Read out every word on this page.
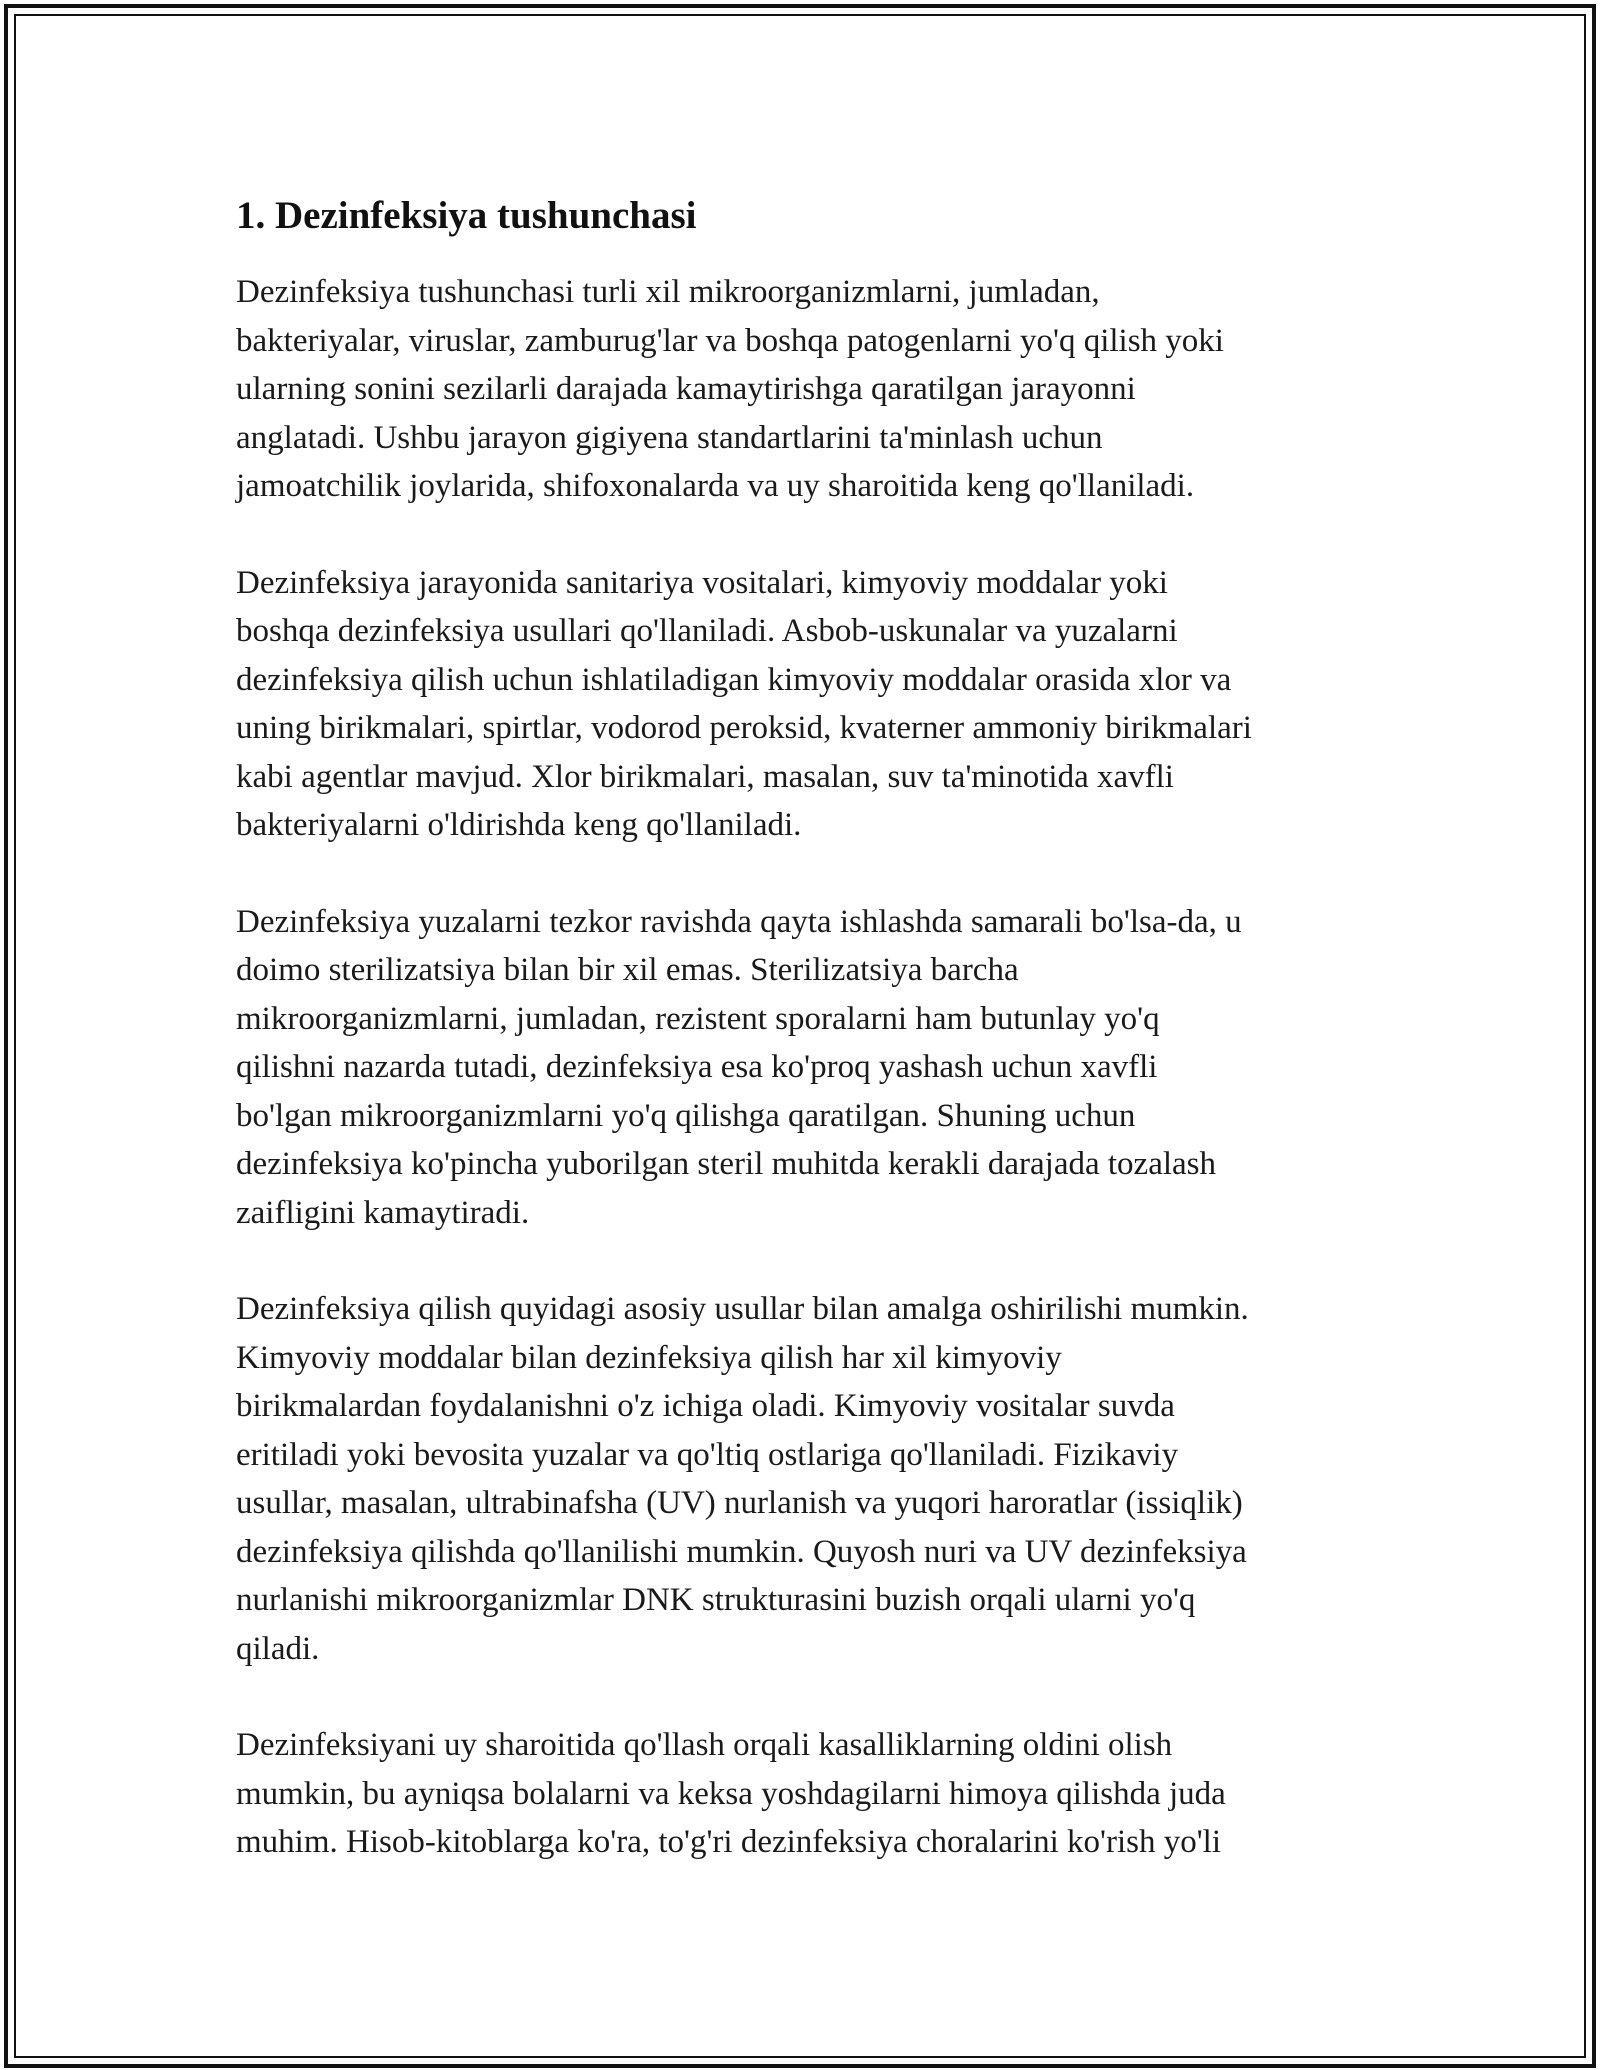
1. Dezinfeksiya tushunchasi

Dezinfeksiya tushunchasi turli xil mikroorganizmlarni, jumladan,
bakteriyalar, viruslar, zamburug'lar va boshqa patogenlarni yo'q qilish yoki
ularning sonini sezilarli darajada kamaytirishga qaratilgan jarayonni
anglatadi. Ushbu jarayon gigiyena standartlarini ta'minlash uchun
jamoatchilik joylarida, shifoxonalarda va uy sharoitida keng qo'llaniladi.

Dezinfeksiya jarayonida sanitariya vositalari, kimyoviy moddalar yoki
boshqa dezinfeksiya usullari qo'llaniladi. Asbob-uskunalar va yuzalarni
dezinfeksiya qilish uchun ishlatiladigan kimyoviy moddalar orasida xlor va
uning birikmalari, spirtlar, vodorod peroksid, kvaterner ammoniy birikmalari
kabi agentlar mavjud. Xlor birikmalari, masalan, suv ta'minotida xavfli
bakteriyalarni o'ldirishda keng qo'llaniladi.

Dezinfeksiya yuzalarni tezkor ravishda qayta ishlashda samarali bo'lsa-da, u
doimo sterilizatsiya bilan bir xil emas. Sterilizatsiya barcha
mikroorganizmlarni, jumladan, rezistent sporalarni ham butunlay yo'q
qilishni nazarda tutadi, dezinfeksiya esa ko'proq yashash uchun xavfli
bo'lgan mikroorganizmlarni yo'q qilishga qaratilgan. Shuning uchun
dezinfeksiya ko'pincha yuborilgan steril muhitda kerakli darajada tozalash
zaifligini kamaytiradi.

Dezinfeksiya qilish quyidagi asosiy usullar bilan amalga oshirilishi mumkin.
Kimyoviy moddalar bilan dezinfeksiya qilish har xil kimyoviy
birikmalardan foydalanishni o'z ichiga oladi. Kimyoviy vositalar suvda
eritiladi yoki bevosita yuzalar va qo'ltiq ostlariga qo'llaniladi. Fizikaviy
usullar, masalan, ultrabinafsha (UV) nurlanish va yuqori haroratlar (issiqlik)
dezinfeksiya qilishda qo'llanilishi mumkin. Quyosh nuri va UV dezinfeksiya
nurlanishi mikroorganizmlar DNK strukturasini buzish orqali ularni yo'q
qiladi.

Dezinfeksiyani uy sharoitida qo'llash orqali kasalliklarning oldini olish
mumkin, bu ayniqsa bolalarni va keksa yoshdagilarni himoya qilishda juda
muhim. Hisob-kitoblarga ko'ra, to'g'ri dezinfeksiya choralarini ko'rish yo'li
